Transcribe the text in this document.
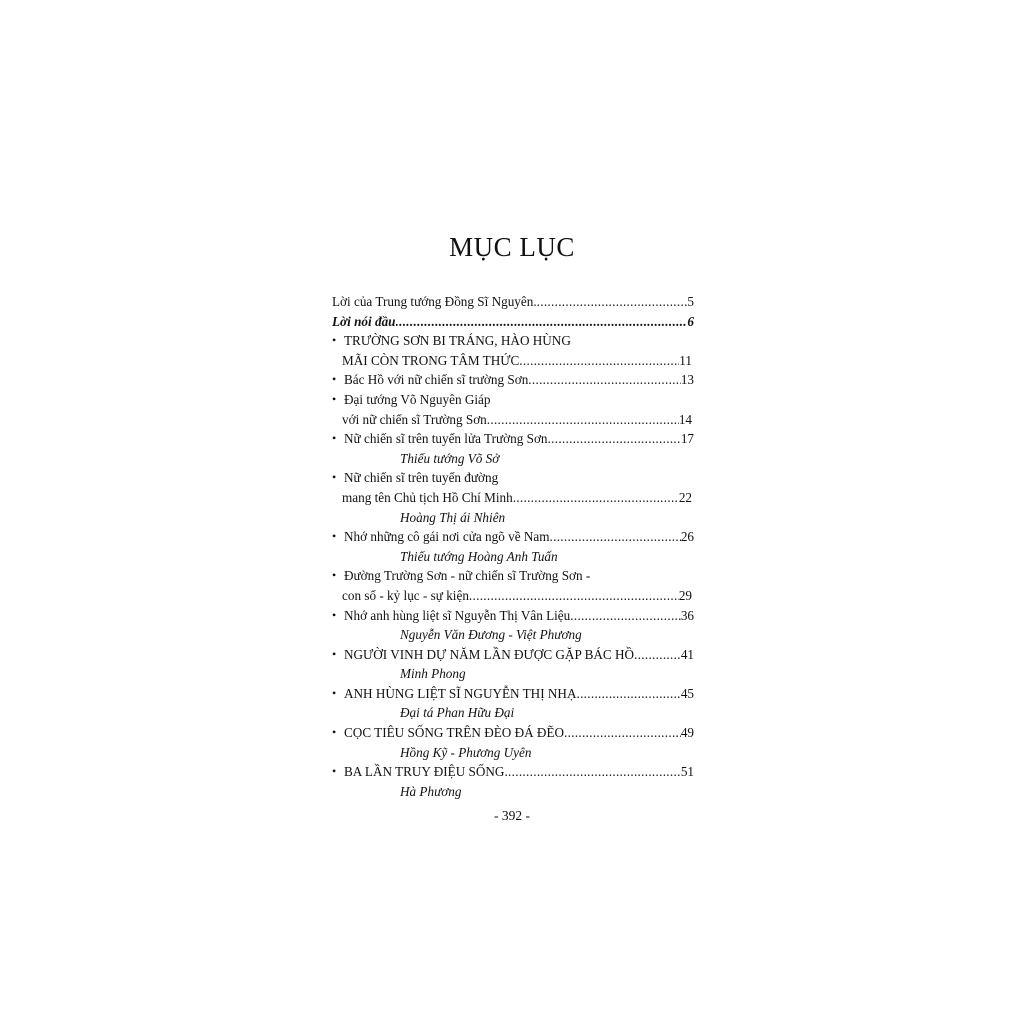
MỤC LỤC
Lời của Trung tướng Đồng Sĩ Nguyên. .....	5
Lời nói đầu .....	6
• TRƯỜNG SƠN BI TRÁNG, HÀO HÙNG
MÃI CÒN TRONG TÂM THỨC .....	11
• Bác Hồ với nữ chiến sĩ trường Sơn .....	13
• Đại tướng Võ Nguyên Giáp
với nữ chiến sĩ Trường Sơn .....	14
• Nữ chiến sĩ trên tuyến lửa Trường Sơn .....	17
Thiếu tướng Võ Sở
• Nữ chiến sĩ trên tuyến đường
mang tên Chủ tịch Hồ Chí Minh .....	22
Hoàng Thị ái Nhiên
• Nhớ những cô gái nơi cửa ngõ về Nam .....	26
Thiếu tướng Hoàng Anh Tuấn
• Đường Trường Sơn - nữ chiến sĩ Trường Sơn -
con số - kỷ lục - sự kiện .....	29
• Nhớ anh hùng liệt sĩ Nguyễn Thị Vân Liệu .....	36
Nguyễn Văn Đương - Việt Phương
• NGƯỜI VINH DỰ NĂM LẦN ĐƯỢC GẶP BÁC HỒ .....	41
Minh Phong
• ANH HÙNG LIỆT SĨ NGUYỄN THỊ NHẠ .....	45
Đại tá Phan Hữu Đại
• CỌC TIÊU SỐNG TRÊN ĐÈO ĐÁ ĐẼO .....	49
Hồng Kỹ - Phương Uyên
• BA LẦN TRUY ĐIỆU SỐNG .....	51
Hà Phương
- 392 -
